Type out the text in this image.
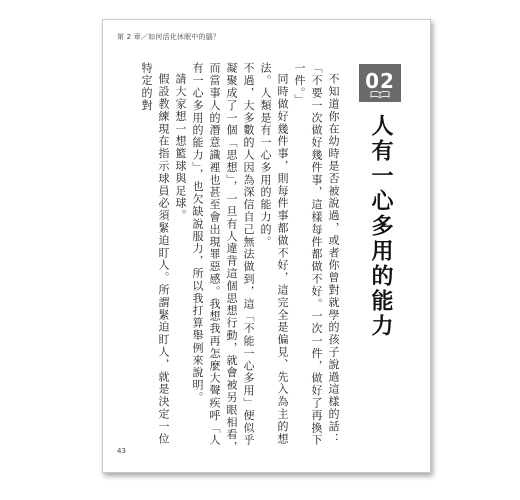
第 2 章／如何活化休眠中的腦？
02
人有一心多用的能力

不知道你在幼時是否被說過，或者你曾對就學的孩子說過這樣的話：「不要一次做好幾件事，這樣每件都做不好。一次一件，做好了再換下一件。」

同時做好幾件事，則每件事都做不好，這完全是偏見、先入為主的想法。人類是有一心多用的能力的。

不過，大多數的人因為深信自己無法做到，這「不能一心多用」便似乎凝聚成了一個「思想」，一旦有人違背這個思想行動，就會被另眼相看，而當事人的潛意識裡也甚至會出現罪惡感。我想我再怎麼大聲疾呼「人有一心多用的能力」，也欠缺說服力，所以我打算舉例來說明。

請大家想一想籃球與足球。

假設教練現在指示球員必須緊迫盯人。所謂緊迫盯人，就是決定一位特定的對

43
